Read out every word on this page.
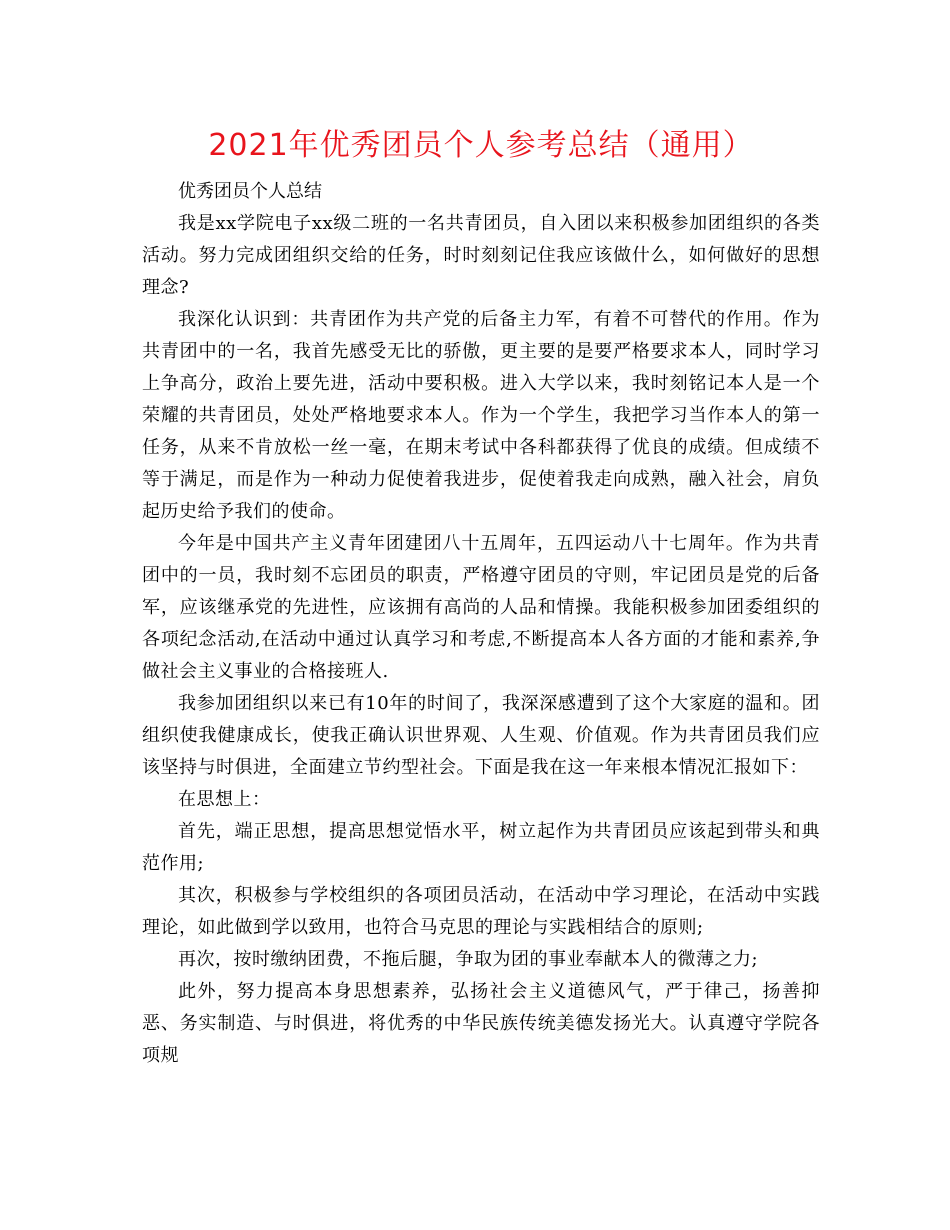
2021年优秀团员个人参考总结（通用）

优秀团员个人总结

我是xx学院电子xx级二班的一名共青团员，自入团以来积极参加团组织的各类活动。努力完成团组织交给的任务，时时刻刻记住我应该做什么，如何做好的思想理念?

我深化认识到：共青团作为共产党的后备主力军，有着不可替代的作用。作为共青团中的一名，我首先感受无比的骄傲，更主要的是要严格要求本人，同时学习上争高分，政治上要先进，活动中要积极。进入大学以来，我时刻铭记本人是一个荣耀的共青团员，处处严格地要求本人。作为一个学生，我把学习当作本人的第一任务，从来不肯放松一丝一毫，在期末考试中各科都获得了优良的成绩。但成绩不等于满足，而是作为一种动力促使着我进步，促使着我走向成熟，融入社会，肩负起历史给予我们的使命。

今年是中国共产主义青年团建团八十五周年，五四运动八十七周年。作为共青团中的一员，我时刻不忘团员的职责，严格遵守团员的守则，牢记团员是党的后备军，应该继承党的先进性，应该拥有高尚的人品和情操。我能积极参加团委组织的各项纪念活动,在活动中通过认真学习和考虑,不断提高本人各方面的才能和素养,争做社会主义事业的合格接班人.

我参加团组织以来已有10年的时间了，我深深感遭到了这个大家庭的温和。团组织使我健康成长，使我正确认识世界观、人生观、价值观。作为共青团员我们应该坚持与时俱进，全面建立节约型社会。下面是我在这一年来根本情况汇报如下：

在思想上：

首先，端正思想，提高思想觉悟水平，树立起作为共青团员应该起到带头和典范作用;

其次，积极参与学校组织的各项团员活动，在活动中学习理论，在活动中实践理论，如此做到学以致用，也符合马克思的理论与实践相结合的原则;

再次，按时缴纳团费，不拖后腿，争取为团的事业奉献本人的微薄之力;

此外，努力提高本身思想素养，弘扬社会主义道德风气，严于律己，扬善抑恶、务实制造、与时俱进，将优秀的中华民族传统美德发扬光大。认真遵守学院各项规
